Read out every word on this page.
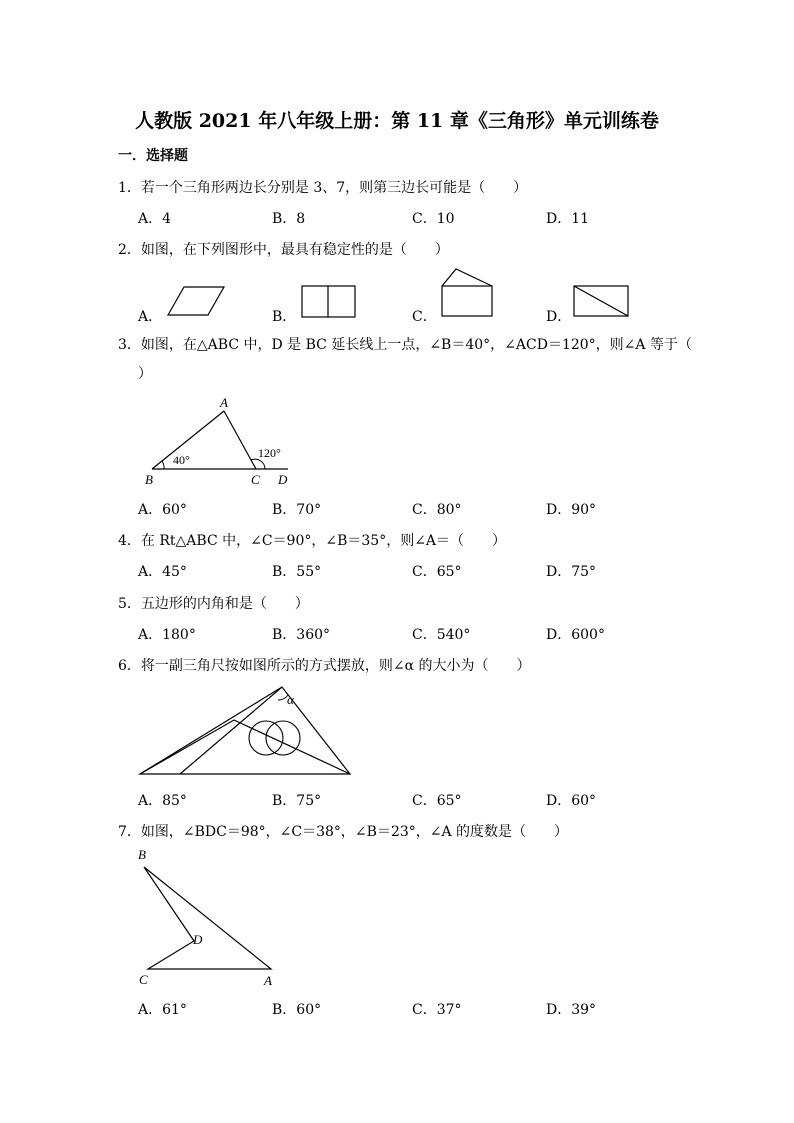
人教版 2021 年八年级上册：第 11 章《三角形》单元训练卷
一．选择题
1．若一个三角形两边长分别是 3、7，则第三边长可能是（　　）
A．4	B．8	C．10	D．11
2．如图，在下列图形中，最具有稳定性的是（　　）
A．	B．	C．	D．
3．如图，在△ABC 中，D 是 BC 延长线上一点，∠B＝40°，∠ACD＝120°，则∠A 等于（
）
A
B	C D
40°	120°
A．60°	B．70°	C．80°	D．90°
4．在 Rt△ABC 中，∠C＝90°，∠B＝35°，则∠A＝（　　）
A．45°	B．55°	C．65°	D．75°
5．五边形的内角和是（　　）
A．180°	B．360°	C．540°	D．600°
6．将一副三角尺按如图所示的方式摆放，则∠α 的大小为（　　）
α
A．85°	B．75°	C．65°	D．60°
7．如图，∠BDC＝98°，∠C＝38°，∠B＝23°，∠A 的度数是（　　）
B
D
C	A
A．61°	B．60°	C．37°	D．39°
